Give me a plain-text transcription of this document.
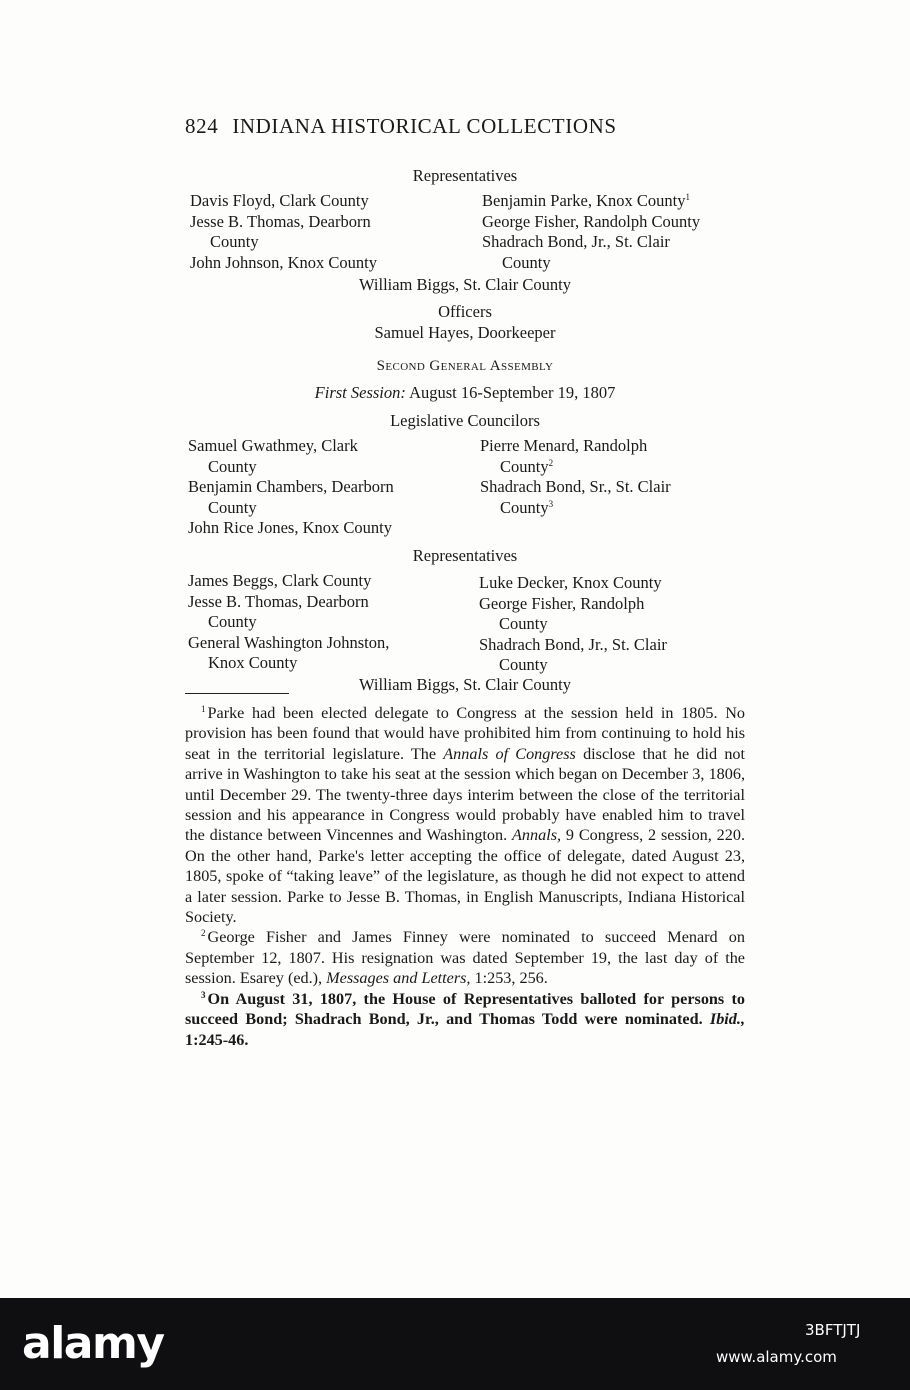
824 INDIANA HISTORICAL COLLECTIONS
Representatives
Davis Floyd, Clark County
Jesse B. Thomas, Dearborn
County
John Johnson, Knox County
Benjamin Parke, Knox County$^1$
George Fisher, Randolph County
Shadrach Bond, Jr., St. Clair
County
William Biggs, St. Clair County
Officers
Samuel Hayes, Doorkeeper
Second General Assembly
First Session: August 16-September 19, 1807
Legislative Councilors
Samuel Gwathmey, Clark
County
Benjamin Chambers, Dearborn
County
John Rice Jones, Knox County
Pierre Menard, Randolph
County$^2$
Shadrach Bond, Sr., St. Clair
County$^3$
Representatives
James Beggs, Clark County
Jesse B. Thomas, Dearborn
County
General Washington Johnston,
Knox County
Luke Decker, Knox County
George Fisher, Randolph
County
Shadrach Bond, Jr., St. Clair
County
William Biggs, St. Clair County

$^1$ Parke had been elected delegate to Congress at the session held in 1805. No provision has been found that would have prohibited him from continuing to hold his seat in the territorial legislature. The Annals of Congress disclose that he did not arrive in Washington to take his seat at the session which began on December 3, 1806, until December 29. The twenty-three days interim between the close of the territorial session and his appearance in Congress would probably have enabled him to travel the distance between Vincennes and Washington. Annals, 9 Congress, 2 session, 220. On the other hand, Parke's letter accepting the office of delegate, dated August 23, 1805, spoke of “taking leave” of the legislature, as though he did not expect to attend a later session. Parke to Jesse B. Thomas, in English Manuscripts, Indiana Historical Society.

$^2$ George Fisher and James Finney were nominated to succeed Menard on September 12, 1807. His resignation was dated September 19, the last day of the session. Esarey (ed.), Messages and Letters, 1:253, 256.

$^3$ On August 31, 1807, the House of Representatives balloted for persons to succeed Bond; Shadrach Bond, Jr., and Thomas Todd were nominated. Ibid., 1:245-46.

alamy	3BFTJTJ
www.alamy.com
